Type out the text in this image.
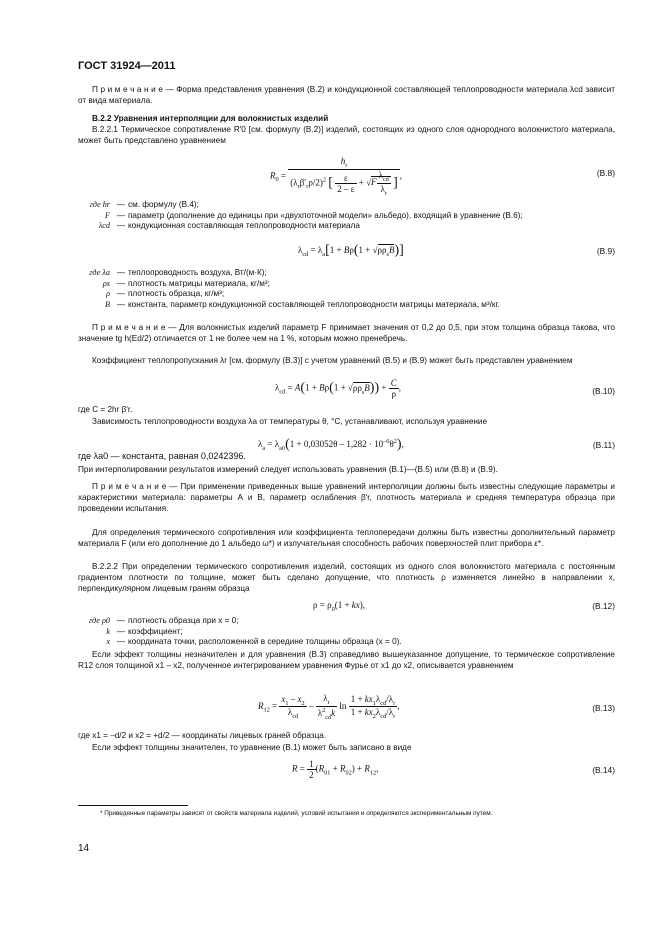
ГОСТ 31924—2011
П р и м е ч а н и е — Форма представления уравнения (В.2) и кондукционной составляющей теплопроводности материала λcd зависит от вида материала.
В.2.2 Уравнения интерполяции для волокнистых изделий
В.2.2.1 Термическое сопротивление R′0 [см. формулу (В.2)] изделий, состоящих из одного слоя однородного волокнистого материала, может быть представлено уравнением
$R_0$ =
$h_r$
$(\lambda_r\beta'_r\rho/2)^2$ [ $\frac{\varepsilon}{2 - \varepsilon} + √F \frac{\lambda_{cd}}{\lambda_r}$ ] ,	(В.8)
где hr — см. формулу (В.4);
F — параметр (дополнение до единицы при «двухпоточной модели» альбедо), входящий в уравнение (В.6);
λcd — кондукционная составляющая теплопроводности материала
$\lambda_{cd} = \lambda_a[1 + B\rho(1 + √\rho\rho_sB)]$	(В.9)
где λa — теплопроводность воздуха, Вт/(м·К);
ρs — плотность матрицы материала, кг/м³;
ρ — плотность образца, кг/м³;
B — константа, параметр кондукционной составляющей теплопроводности матрицы материала, м³/кг.
П р и м е ч а н и е — Для волокнистых изделий параметр F принимает значения от 0,2 до 0,5, при этом толщина образца такова, что значение tg h(Ed/2) отличается от 1 не более чем на 1 %, которым можно пренебречь.
Коэффициент теплопропускания λr [см. формулу (В.3)] с учетом уравнений (В.5) и (В.9) может быть представлен уравнением
$\lambda_{cd} = A(1 + B\rho(1 + √\rho\rho_sB)) + \frac{C}{\rho}$ ,	(В.10)
где C = 2hr β′r.
Зависимость теплопроводности воздуха λa от температуры θ, °С, устанавливают, используя уравнение
$\lambda_a = \lambda_{a0}(1 + 0,03052\theta - 1,282 \cdot 10^{-6}\theta^2)$,	(В.11)
где λa0 — константа, равная 0,0242396.
При интерполировании результатов измерений следует использовать уравнения (В.1)—(В.5) или (В.8) и (В.9).
П р и м е ч а н и е — При применении приведенных выше уравнений интерполяции должны быть известны следующие параметры и характеристики материала: параметры А и В, параметр ослабления β′r, плотность материала и средняя температура образца при проведении испытания.
Для определения термического сопротивления или коэффициента теплопередачи должны быть известны дополнительный параметр материала F (или его дополнение до 1 альбедо ω*) и излучательная способность рабочих поверхностей плит прибора ε*.
В.2.2.2 При определении термического сопротивления изделий, состоящих из одного слоя волокнистого материала с постоянным градиентом плотности по толщине, может быть сделано допущение, что плотность ρ изменяется линейно в направлении x, перпендикулярном лицевым граням образца
$\rho = \rho_0(1 + kx)$,	(В.12)
где ρ0 — плотность образца при x = 0;
k — коэффициент;
x — координата точки, расположенной в середине толщины образца (x = 0).
Если эффект толщины незначителен и для уравнения (В.3) справедливо вышеуказанное допущение, то термическое сопротивление R12 слоя толщиной x1 – x2, полученное интегрированием уравнения Фурье от x1 до x2, описывается уравнением
$R_{12} = \frac{x_1 - x_2}{\lambda_{cd}} - \frac{\lambda_r}{\lambda^2_{cd}k}$ $\ln \frac{1 + kx_1\lambda_{cd}/\lambda_r}{1 + kx_2\lambda_{cd}/\lambda_r}$ ,	(В.13)
где x1 = –d/2 и x2 = +d/2 — координаты лицевых граней образца.
Если эффект толщины значителен, то уравнение (В.1) может быть записано в виде
$R = \frac{1}{2} (R_{01} + R_{02}) + R_{12}$,	(В.14)
* Приведенные параметры зависят от свойств материала изделий, условий испытания и определяются экспериментальным путем.
14
